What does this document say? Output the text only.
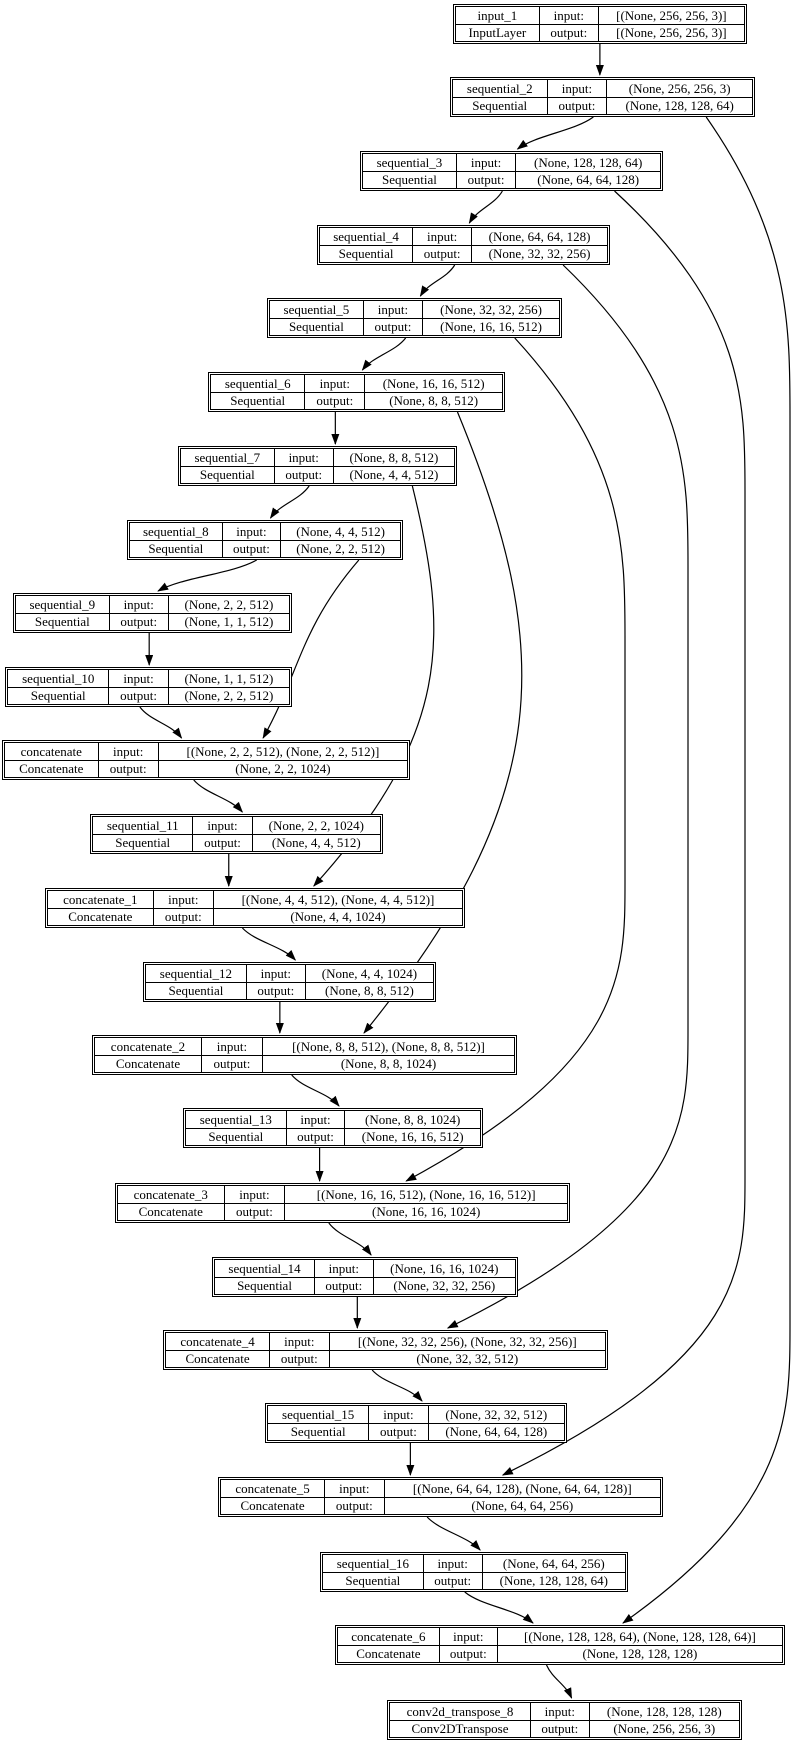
input_1	input:	[(None, 256, 256, 3)]
InputLayer	output:	[(None, 256, 256, 3)]
sequential_2	input:	(None, 256, 256, 3)
Sequential	output:	(None, 128, 128, 64)
sequential_3	input:	(None, 128, 128, 64)
Sequential	output:	(None, 64, 64, 128)
sequential_4	input:	(None, 64, 64, 128)
Sequential	output:	(None, 32, 32, 256)
sequential_5	input:	(None, 32, 32, 256)
Sequential	output:	(None, 16, 16, 512)
sequential_6	input:	(None, 16, 16, 512)
Sequential	output:	(None, 8, 8, 512)
sequential_7	input:	(None, 8, 8, 512)
Sequential	output:	(None, 4, 4, 512)
sequential_8	input:	(None, 4, 4, 512)
Sequential	output:	(None, 2, 2, 512)
sequential_9	input:	(None, 2, 2, 512)
Sequential	output:	(None, 1, 1, 512)
sequential_10	input:	(None, 1, 1, 512)
Sequential	output:	(None, 2, 2, 512)
concatenate	input:	[(None, 2, 2, 512), (None, 2, 2, 512)]
Concatenate	output:	(None, 2, 2, 1024)
sequential_11	input:	(None, 2, 2, 1024)
Sequential	output:	(None, 4, 4, 512)
concatenate_1	input:	[(None, 4, 4, 512), (None, 4, 4, 512)]
Concatenate	output:	(None, 4, 4, 1024)
sequential_12	input:	(None, 4, 4, 1024)
Sequential	output:	(None, 8, 8, 512)
concatenate_2	input:	[(None, 8, 8, 512), (None, 8, 8, 512)]
Concatenate	output:	(None, 8, 8, 1024)
sequential_13	input:	(None, 8, 8, 1024)
Sequential	output:	(None, 16, 16, 512)
concatenate_3	input:	[(None, 16, 16, 512), (None, 16, 16, 512)]
Concatenate	output:	(None, 16, 16, 1024)
sequential_14	input:	(None, 16, 16, 1024)
Sequential	output:	(None, 32, 32, 256)
concatenate_4	input:	[(None, 32, 32, 256), (None, 32, 32, 256)]
Concatenate	output:	(None, 32, 32, 512)
sequential_15	input:	(None, 32, 32, 512)
Sequential	output:	(None, 64, 64, 128)
concatenate_5	input:	[(None, 64, 64, 128), (None, 64, 64, 128)]
Concatenate	output:	(None, 64, 64, 256)
sequential_16	input:	(None, 64, 64, 256)
Sequential	output:	(None, 128, 128, 64)
concatenate_6	input:	[(None, 128, 128, 64), (None, 128, 128, 64)]
Concatenate	output:	(None, 128, 128, 128)
conv2d_transpose_8	input:	(None, 128, 128, 128)
Conv2DTranspose	output:	(None, 256, 256, 3)
